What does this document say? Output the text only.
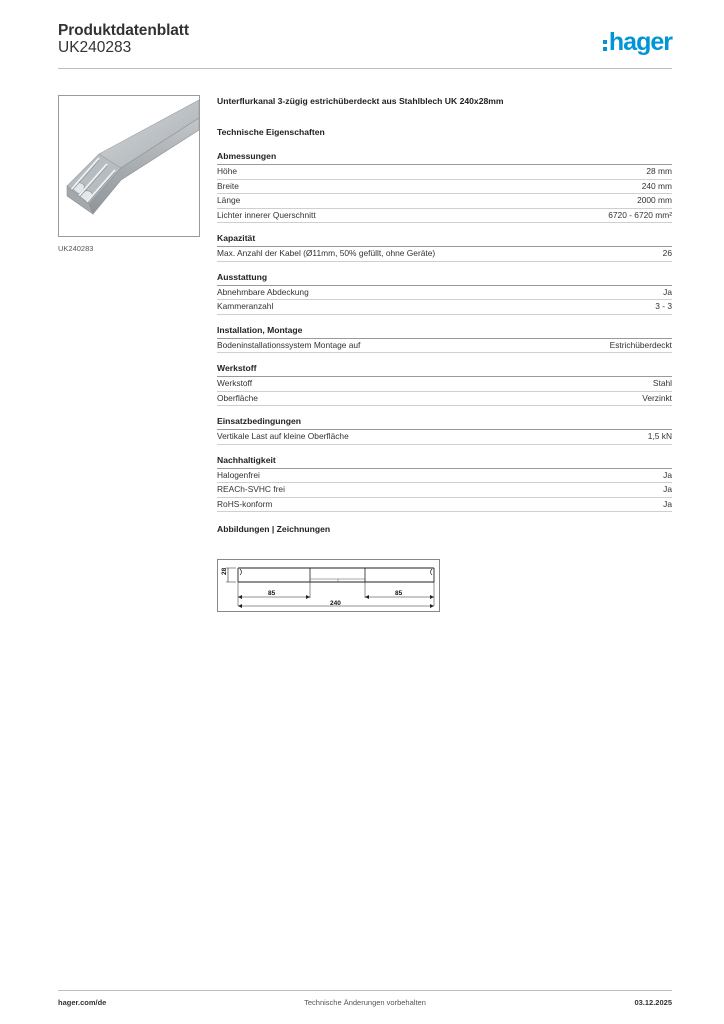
Produktdatenblatt
UK240283	hager
UK240283
Unterflurkanal 3-zügig estrichüberdeckt aus Stahlblech UK 240x28mm
Technische Eigenschaften
Abmessungen
Höhe	28 mm
Breite	240 mm
Länge	2000 mm
Lichter innerer Querschnitt	6720 - 6720 mm²
Kapazität
Max. Anzahl der Kabel (Ø11mm, 50% gefüllt, ohne Geräte)	26
Ausstattung
Abnehmbare Abdeckung	Ja
Kammeranzahl	3 - 3
Installation, Montage
Bodeninstallationssystem Montage auf	Estrichüberdeckt
Werkstoff
Werkstoff	Stahl
Oberfläche	Verzinkt
Einsatzbedingungen
Vertikale Last auf kleine Oberfläche	1,5 kN
Nachhaltigkeit
Halogenfrei	Ja
REACh-SVHC frei	Ja
RoHS-konform	Ja
Abbildungen | Zeichnungen
28
85	85
240
hager.com/de	Technische Änderungen vorbehalten	03.12.2025
